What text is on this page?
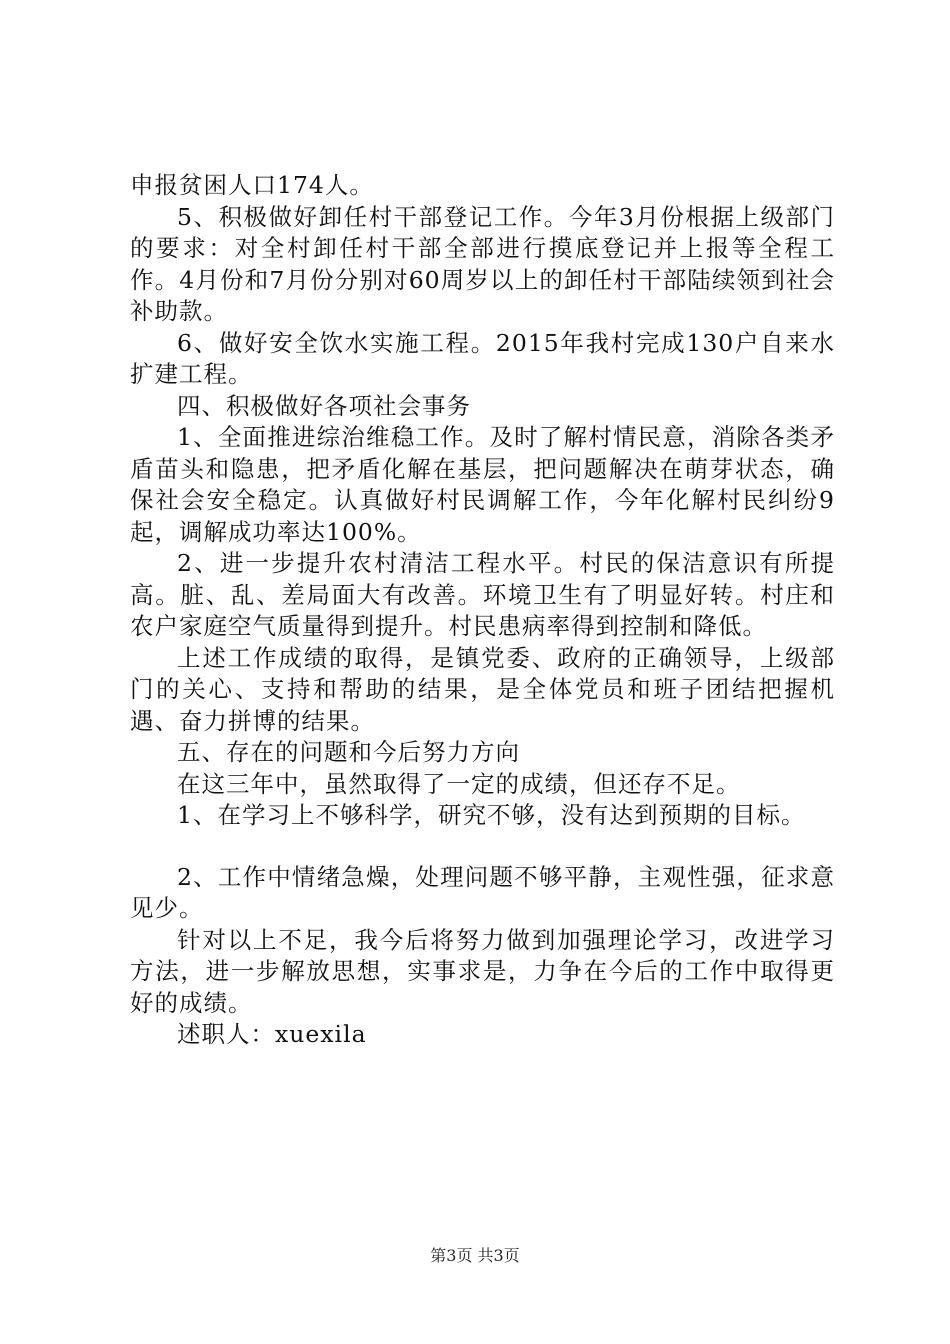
申报贫困人口174人。

5、积极做好卸任村干部登记工作。今年3月份根据上级部门的要求：对全村卸任村干部全部进行摸底登记并上报等全程工作。4月份和7月份分别对60周岁以上的卸任村干部陆续领到社会补助款。

6、做好安全饮水实施工程。2015年我村完成130户自来水扩建工程。

四、积极做好各项社会事务

1、全面推进综治维稳工作。及时了解村情民意，消除各类矛盾苗头和隐患，把矛盾化解在基层，把问题解决在萌芽状态，确保社会安全稳定。认真做好村民调解工作，今年化解村民纠纷9起，调解成功率达100%。

2、进一步提升农村清洁工程水平。村民的保洁意识有所提高。脏、乱、差局面大有改善。环境卫生有了明显好转。村庄和农户家庭空气质量得到提升。村民患病率得到控制和降低。

上述工作成绩的取得，是镇党委、政府的正确领导，上级部门的关心、支持和帮助的结果，是全体党员和班子团结把握机遇、奋力拼博的结果。

五、存在的问题和今后努力方向

在这三年中，虽然取得了一定的成绩，但还存不足。

1、在学习上不够科学，研究不够，没有达到预期的目标。

2、工作中情绪急燥，处理问题不够平静，主观性强，征求意见少。

针对以上不足，我今后将努力做到加强理论学习，改进学习方法，进一步解放思想，实事求是，力争在今后的工作中取得更好的成绩。

述职人：xuexila

第3页 共3页
